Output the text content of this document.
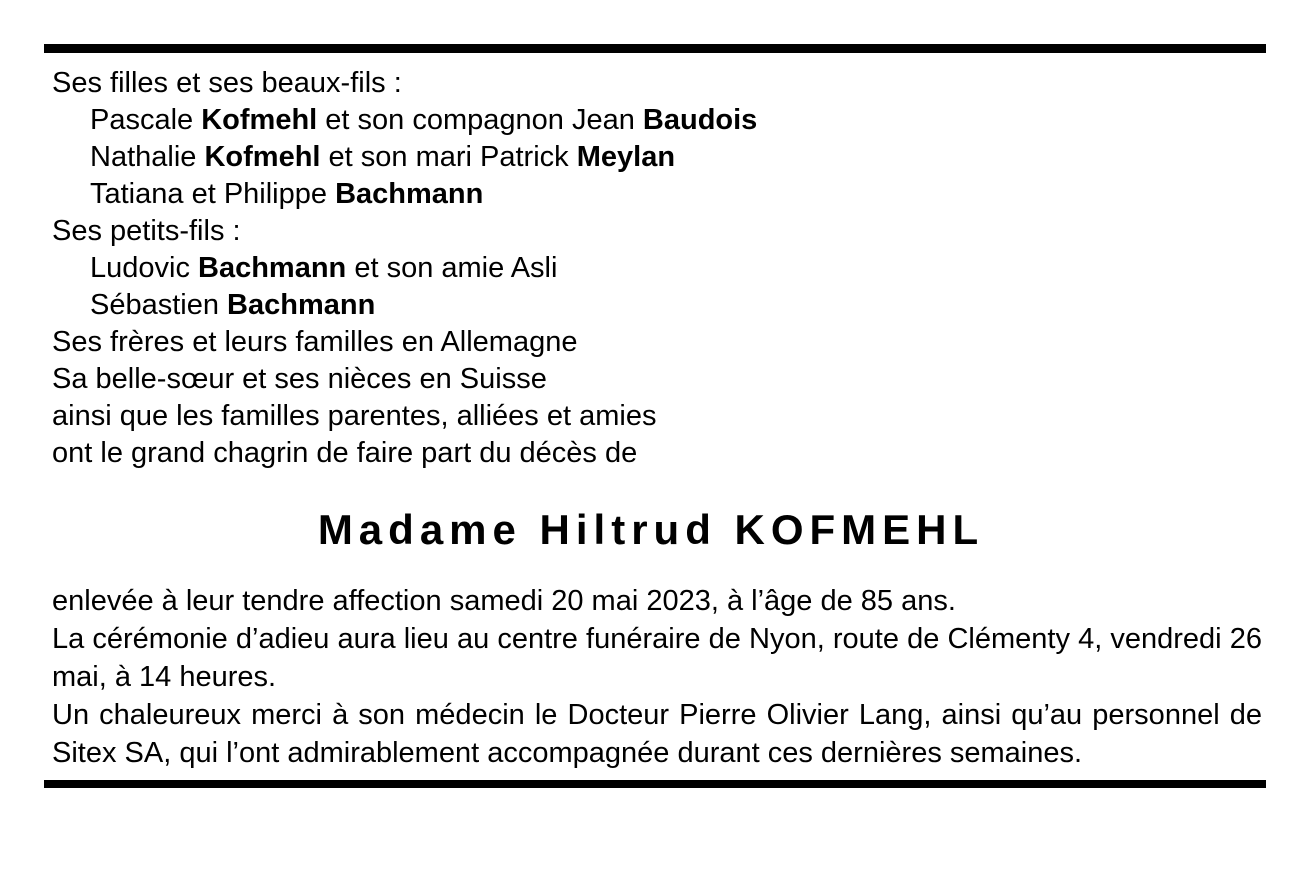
Ses filles et ses beaux-fils :
Pascale Kofmehl et son compagnon Jean Baudois
Nathalie Kofmehl et son mari Patrick Meylan
Tatiana et Philippe Bachmann
Ses petits-fils :
Ludovic Bachmann et son amie Asli
Sébastien Bachmann
Ses frères et leurs familles en Allemagne
Sa belle-sœur et ses nièces en Suisse
ainsi que les familles parentes, alliées et amies
ont le grand chagrin de faire part du décès de
Madame Hiltrud KOFMEHL
enlevée à leur tendre affection samedi 20 mai 2023, à l’âge de 85 ans.
La cérémonie d’adieu aura lieu au centre funéraire de Nyon, route de Clémenty 4, vendredi 26 mai, à 14 heures.
Un chaleureux merci à son médecin le Docteur Pierre Olivier Lang, ainsi qu’au personnel de Sitex SA, qui l’ont admirablement accompagnée durant ces dernières semaines.
